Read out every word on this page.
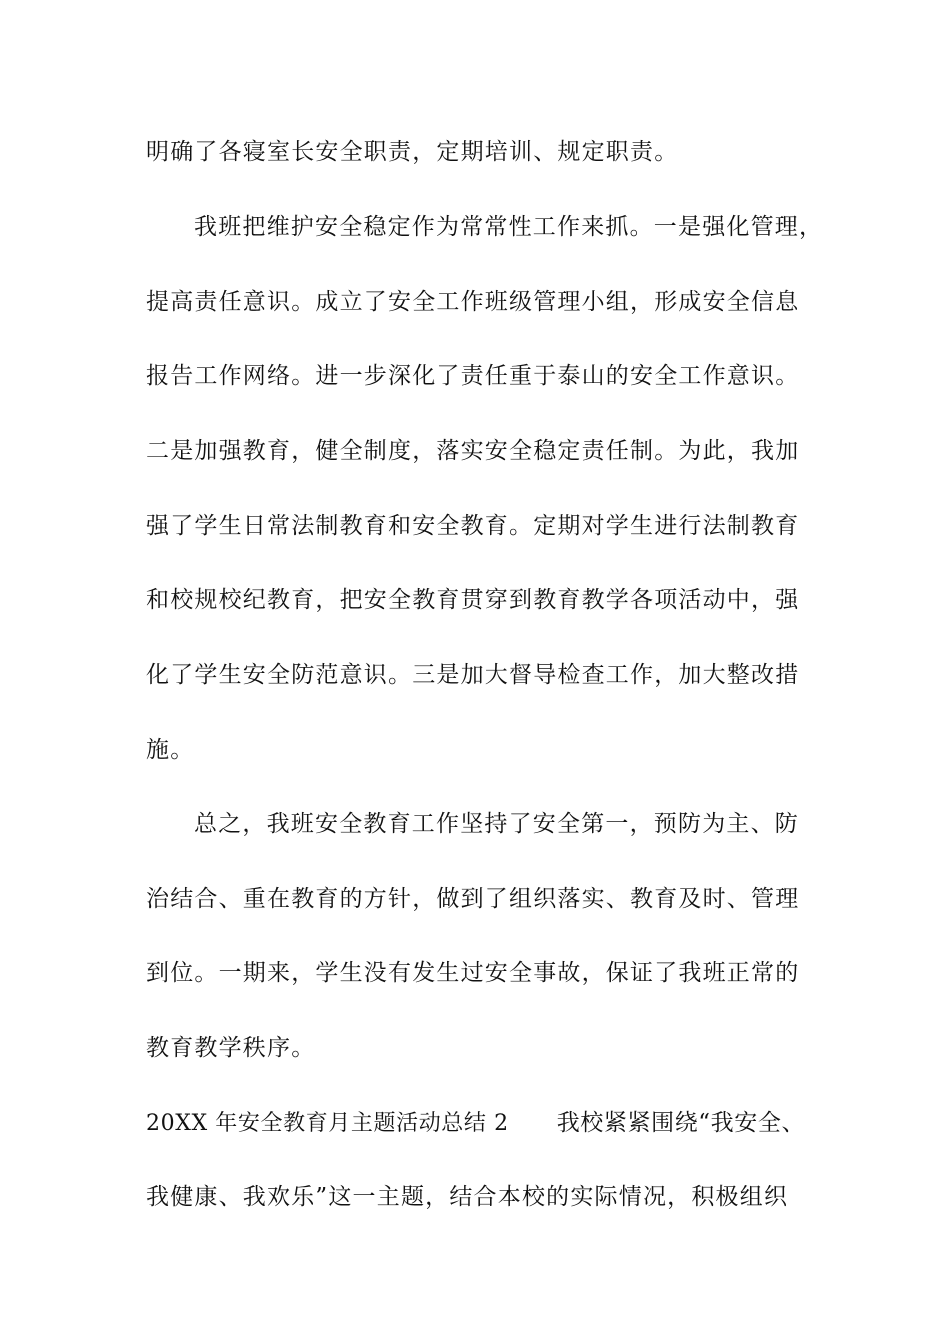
明确了各寝室长安全职责，定期培训、规定职责。
我班把维护安全稳定作为常常性工作来抓。一是强化管理，
提高责任意识。成立了安全工作班级管理小组，形成安全信息
报告工作网络。进一步深化了责任重于泰山的安全工作意识。
二是加强教育，健全制度，落实安全稳定责任制。为此，我加
强了学生日常法制教育和安全教育。定期对学生进行法制教育
和校规校纪教育，把安全教育贯穿到教育教学各项活动中，强
化了学生安全防范意识。三是加大督导检查工作，加大整改措
施。
总之，我班安全教育工作坚持了安全第一，预防为主、防
治结合、重在教育的方针，做到了组织落实、教育及时、管理
到位。一期来，学生没有发生过安全事故，保证了我班正常的
教育教学秩序。
20XX 年安全教育月主题活动总结 2 我校紧紧围绕“我安全、
我健康、我欢乐”这一主题，结合本校的实际情况，积极组织
